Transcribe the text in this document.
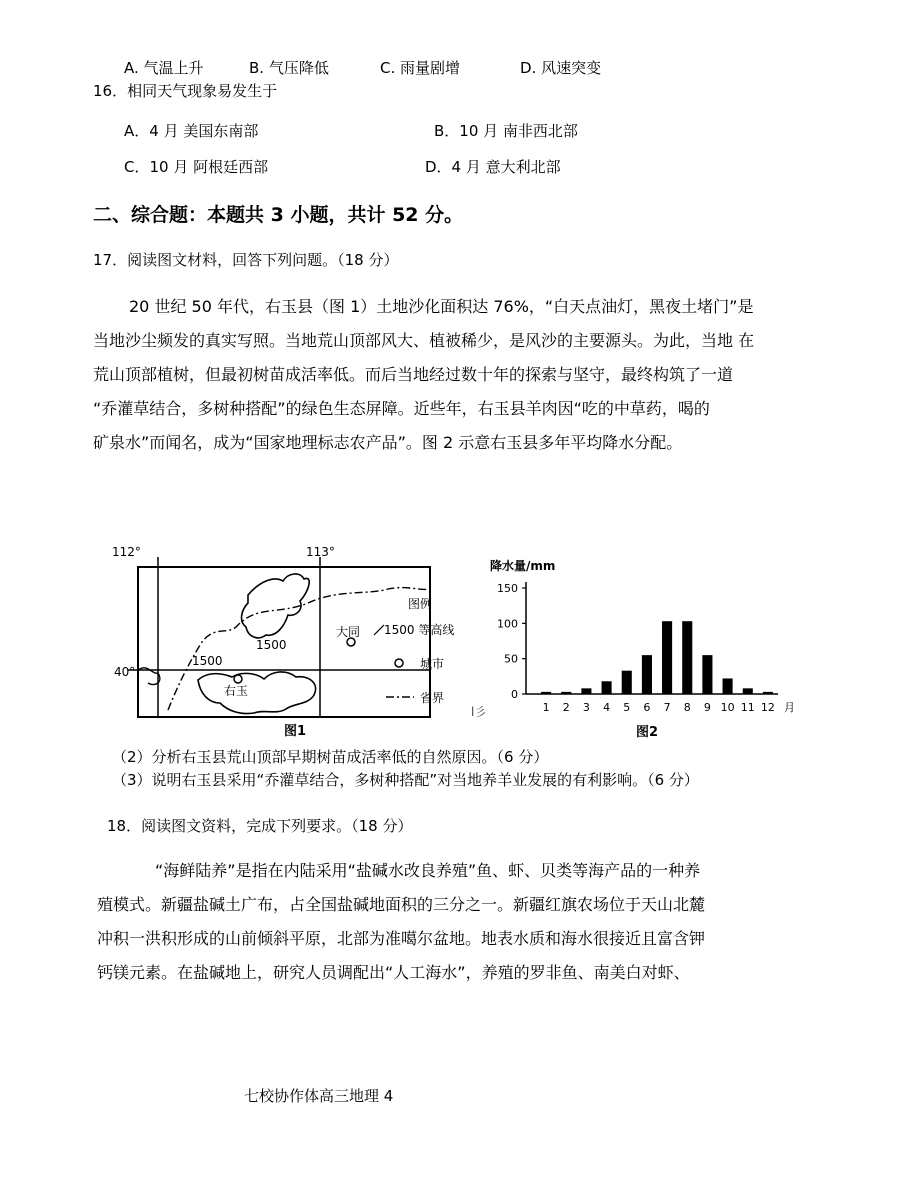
A. 气温上升	B. 气压降低	C. 雨量剧增	D. 风速突变
16．相同天气现象易发生于
A．4 月 美国东南部	B．10 月 南非西北部
C．10 月 阿根廷西部	D．4 月 意大利北部
二、综合题：本题共 3 小题，共计 52 分。
17．阅读图文材料，回答下列问题。（18 分）
20 世纪 50 年代，右玉县（图 1）土地沙化面积达 76%，“白天点油灯，黑夜土堵门”是
当地沙尘频发的真实写照。当地荒山顶部风大、植被稀少，是风沙的主要源头。为此，当地 在
荒山顶部植树，但最初树苗成活率低。而后当地经过数十年的探索与坚守，最终构筑了一道
“乔灌草结合，多树种搭配”的绿色生态屏障。近些年，右玉县羊肉因“吃的中草药，喝的
矿泉水”而闻名，成为“国家地理标志农产品”。图 2 示意右玉县多年平均降水分配。
112°	113°
40°
1500
1500
大同
右玉
图例
1500 等高线
城市
省界
图1
l彡
降水量/mm
0
50
100
150
1 2 3 4 5 6 7 8 9 10 11 12 月
图2
（2）分析右玉县荒山顶部早期树苗成活率低的自然原因。（6 分）
（3）说明右玉县采用“乔灌草结合，多树种搭配”对当地养羊业发展的有利影响。（6 分）
18．阅读图文资料，完成下列要求。（18 分）
“海鲜陆养”是指在内陆采用“盐碱水改良养殖”鱼、虾、贝类等海产品的一种养
殖模式。新疆盐碱土广布，占全国盐碱地面积的三分之一。新疆红旗农场位于天山北麓
冲积一洪积形成的山前倾斜平原，北部为准噶尔盆地。地表水质和海水很接近且富含钾
钙镁元素。在盐碱地上，研究人员调配出“人工海水”，养殖的罗非鱼、南美白对虾、
七校协作体高三地理 4
